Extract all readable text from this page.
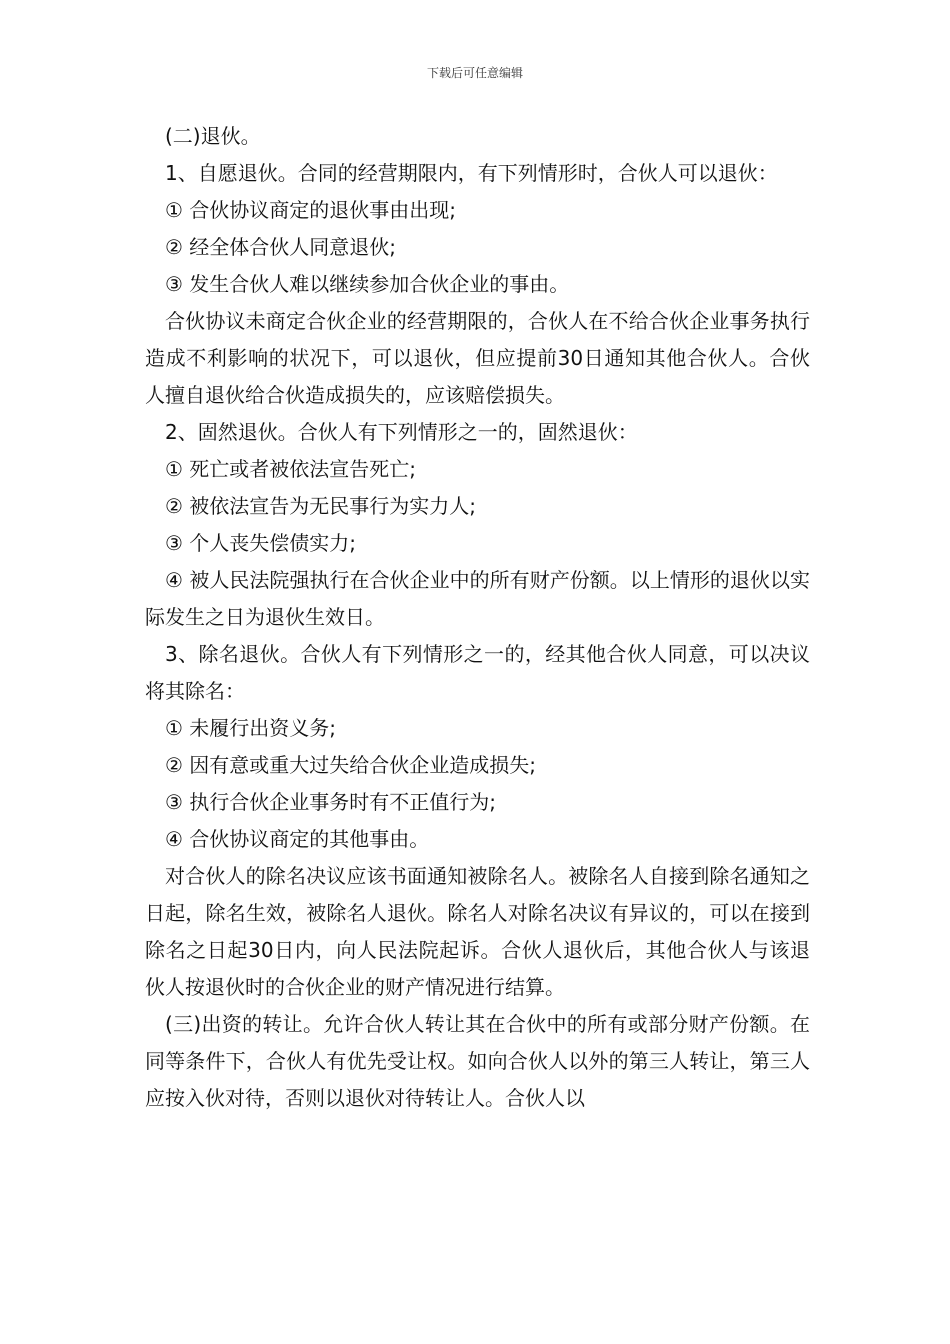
下载后可任意编辑

(二)退伙。

1、自愿退伙。合同的经营期限内，有下列情形时，合伙人可以退伙：

① 合伙协议商定的退伙事由出现;

② 经全体合伙人同意退伙;

③ 发生合伙人难以继续参加合伙企业的事由。

合伙协议未商定合伙企业的经营期限的，合伙人在不给合伙企业事务执行造成不利影响的状况下，可以退伙，但应提前30日通知其他合伙人。合伙人擅自退伙给合伙造成损失的，应该赔偿损失。

2、固然退伙。合伙人有下列情形之一的，固然退伙：

① 死亡或者被依法宣告死亡;

② 被依法宣告为无民事行为实力人;

③ 个人丧失偿债实力;

④ 被人民法院强执行在合伙企业中的所有财产份额。以上情形的退伙以实际发生之日为退伙生效日。

3、除名退伙。合伙人有下列情形之一的，经其他合伙人同意，可以决议将其除名：

① 未履行出资义务;

② 因有意或重大过失给合伙企业造成损失;

③ 执行合伙企业事务时有不正值行为;

④ 合伙协议商定的其他事由。

对合伙人的除名决议应该书面通知被除名人。被除名人自接到除名通知之日起，除名生效，被除名人退伙。除名人对除名决议有异议的，可以在接到除名之日起30日内，向人民法院起诉。合伙人退伙后，其他合伙人与该退伙人按退伙时的合伙企业的财产情况进行结算。

(三)出资的转让。允许合伙人转让其在合伙中的所有或部分财产份额。在同等条件下，合伙人有优先受让权。如向合伙人以外的第三人转让，第三人应按入伙对待，否则以退伙对待转让人。合伙人以
